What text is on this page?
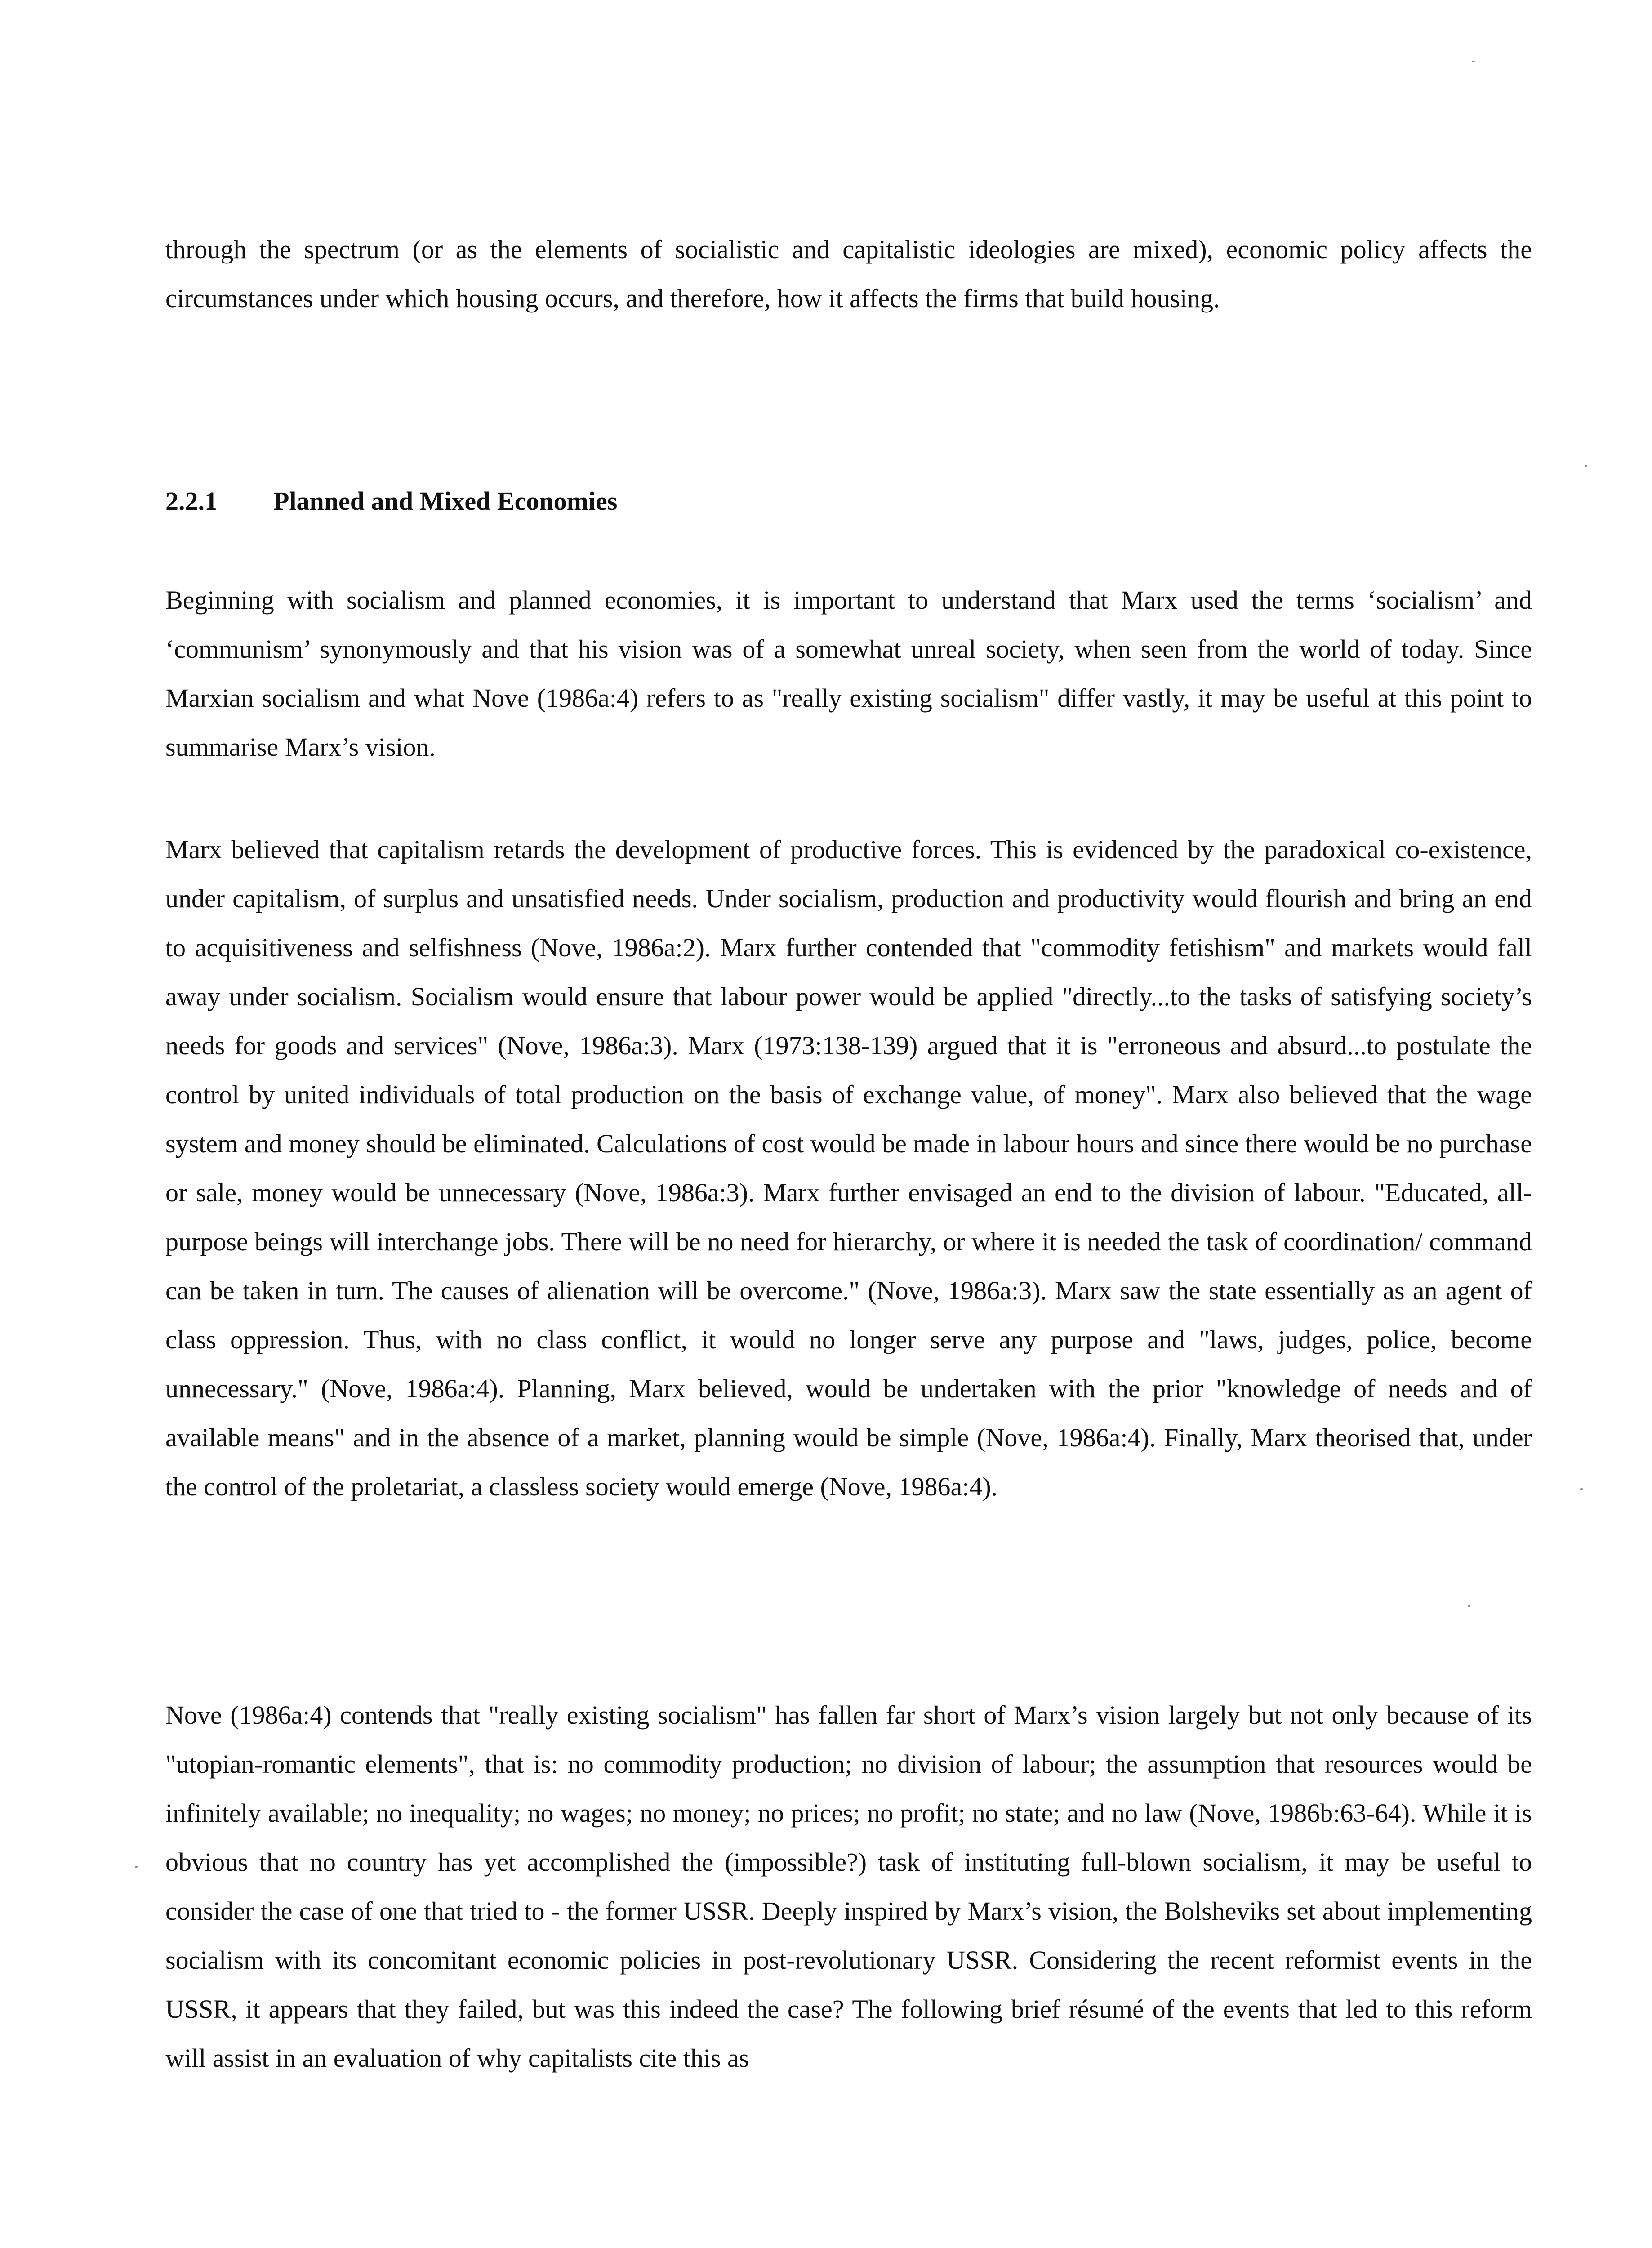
through the spectrum (or as the elements of socialistic and capitalistic ideologies are mixed), economic policy affects the circumstances under which housing occurs, and therefore, how it affects the firms that build housing.

2.2.1 Planned and Mixed Economies

Beginning with socialism and planned economies, it is important to understand that Marx used the terms ‘socialism’ and ‘communism’ synonymously and that his vision was of a somewhat unreal society, when seen from the world of today. Since Marxian socialism and what Nove (1986a:4) refers to as "really existing socialism" differ vastly, it may be useful at this point to summarise Marx’s vision.

Marx believed that capitalism retards the development of productive forces. This is evidenced by the paradoxical co-existence, under capitalism, of surplus and unsatisfied needs. Under socialism, production and productivity would flourish and bring an end to acquisitiveness and selfishness (Nove, 1986a:2). Marx further contended that "commodity fetishism" and markets would fall away under socialism. Socialism would ensure that labour power would be applied "directly...to the tasks of satisfying society’s needs for goods and services" (Nove, 1986a:3). Marx (1973:138-139) argued that it is "erroneous and absurd...to postulate the control by united individuals of total production on the basis of exchange value, of money". Marx also believed that the wage system and money should be eliminated. Calculations of cost would be made in labour hours and since there would be no purchase or sale, money would be unnecessary (Nove, 1986a:3). Marx further envisaged an end to the division of labour. "Educated, all-purpose beings will interchange jobs. There will be no need for hierarchy, or where it is needed the task of coordination/ command can be taken in turn. The causes of alienation will be overcome." (Nove, 1986a:3). Marx saw the state essentially as an agent of class oppression. Thus, with no class conflict, it would no longer serve any purpose and "laws, judges, police, become unnecessary." (Nove, 1986a:4). Planning, Marx believed, would be undertaken with the prior "knowledge of needs and of available means" and in the absence of a market, planning would be simple (Nove, 1986a:4). Finally, Marx theorised that, under the control of the proletariat, a classless society would emerge (Nove, 1986a:4).

Nove (1986a:4) contends that "really existing socialism" has fallen far short of Marx’s vision largely but not only because of its "utopian-romantic elements", that is: no commodity production; no division of labour; the assumption that resources would be infinitely available; no inequality; no wages; no money; no prices; no profit; no state; and no law (Nove, 1986b:63-64). While it is obvious that no country has yet accomplished the (impossible?) task of instituting full-blown socialism, it may be useful to consider the case of one that tried to - the former USSR. Deeply inspired by Marx’s vision, the Bolsheviks set about implementing socialism with its concomitant economic policies in post-revolutionary USSR. Considering the recent reformist events in the USSR, it appears that they failed, but was this indeed the case? The following brief résumé of the events that led to this reform will assist in an evaluation of why capitalists cite this as
